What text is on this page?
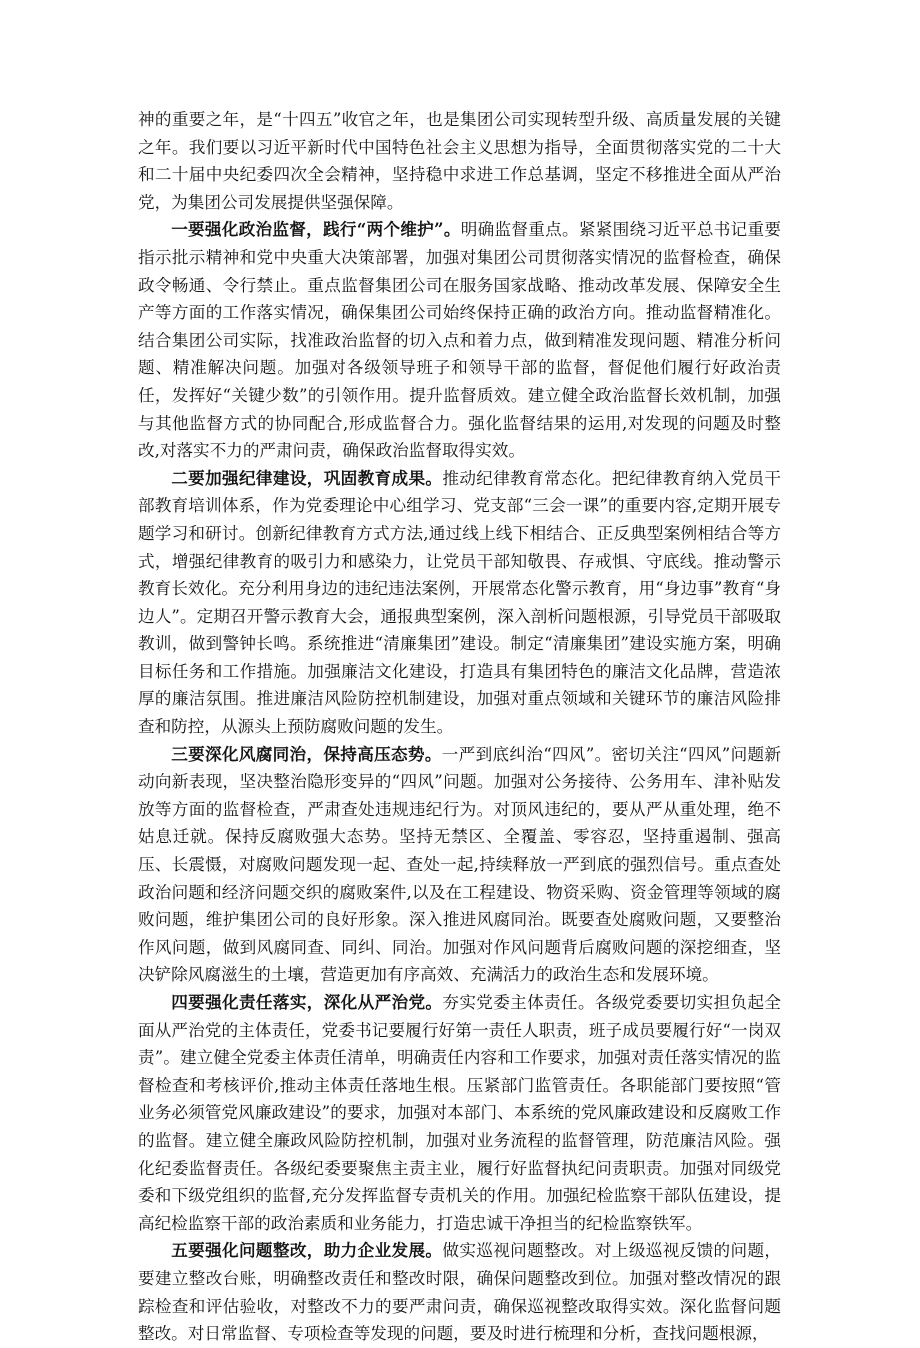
神的重要之年，是“十四五”收官之年，也是集团公司实现转型升级、高质量发展的关键之年。我们要以习近平新时代中国特色社会主义思想为指导，全面贯彻落实党的二十大和二十届中央纪委四次全会精神，坚持稳中求进工作总基调，坚定不移推进全面从严治党，为集团公司发展提供坚强保障。

一要强化政治监督，践行“两个维护”。明确监督重点。紧紧围绕习近平总书记重要指示批示精神和党中央重大决策部署，加强对集团公司贯彻落实情况的监督检查，确保政令畅通、令行禁止。重点监督集团公司在服务国家战略、推动改革发展、保障安全生产等方面的工作落实情况，确保集团公司始终保持正确的政治方向。推动监督精准化。结合集团公司实际，找准政治监督的切入点和着力点，做到精准发现问题、精准分析问题、精准解决问题。加强对各级领导班子和领导干部的监督，督促他们履行好政治责任，发挥好“关键少数”的引领作用。提升监督质效。建立健全政治监督长效机制，加强与其他监督方式的协同配合,形成监督合力。强化监督结果的运用,对发现的问题及时整改,对落实不力的严肃问责，确保政治监督取得实效。

二要加强纪律建设，巩固教育成果。推动纪律教育常态化。把纪律教育纳入党员干部教育培训体系，作为党委理论中心组学习、党支部“三会一课”的重要内容,定期开展专题学习和研讨。创新纪律教育方式方法,通过线上线下相结合、正反典型案例相结合等方式，增强纪律教育的吸引力和感染力，让党员干部知敬畏、存戒惧、守底线。推动警示教育长效化。充分利用身边的违纪违法案例，开展常态化警示教育，用“身边事”教育“身边人”。定期召开警示教育大会，通报典型案例，深入剖析问题根源，引导党员干部吸取教训，做到警钟长鸣。系统推进“清廉集团”建设。制定“清廉集团”建设实施方案，明确目标任务和工作措施。加强廉洁文化建设，打造具有集团特色的廉洁文化品牌，营造浓厚的廉洁氛围。推进廉洁风险防控机制建设，加强对重点领域和关键环节的廉洁风险排查和防控，从源头上预防腐败问题的发生。

三要深化风腐同治，保持高压态势。一严到底纠治“四风”。密切关注“四风”问题新动向新表现，坚决整治隐形变异的“四风”问题。加强对公务接待、公务用车、津补贴发放等方面的监督检查，严肃查处违规违纪行为。对顶风违纪的，要从严从重处理，绝不姑息迁就。保持反腐败强大态势。坚持无禁区、全覆盖、零容忍，坚持重遏制、强高压、长震慑，对腐败问题发现一起、查处一起,持续释放一严到底的强烈信号。重点查处政治问题和经济问题交织的腐败案件,以及在工程建设、物资采购、资金管理等领域的腐败问题，维护集团公司的良好形象。深入推进风腐同治。既要查处腐败问题，又要整治作风问题，做到风腐同查、同纠、同治。加强对作风问题背后腐败问题的深挖细查，坚决铲除风腐滋生的土壤，营造更加有序高效、充满活力的政治生态和发展环境。

四要强化责任落实，深化从严治党。夯实党委主体责任。各级党委要切实担负起全面从严治党的主体责任，党委书记要履行好第一责任人职责，班子成员要履行好“一岗双责”。建立健全党委主体责任清单，明确责任内容和工作要求，加强对责任落实情况的监督检查和考核评价,推动主体责任落地生根。压紧部门监管责任。各职能部门要按照“管业务必须管党风廉政建设”的要求，加强对本部门、本系统的党风廉政建设和反腐败工作的监督。建立健全廉政风险防控机制，加强对业务流程的监督管理，防范廉洁风险。强化纪委监督责任。各级纪委要聚焦主责主业，履行好监督执纪问责职责。加强对同级党委和下级党组织的监督,充分发挥监督专责机关的作用。加强纪检监察干部队伍建设，提高纪检监察干部的政治素质和业务能力，打造忠诚干净担当的纪检监察铁军。

五要强化问题整改，助力企业发展。做实巡视问题整改。对上级巡视反馈的问题，要建立整改台账，明确整改责任和整改时限，确保问题整改到位。加强对整改情况的跟踪检查和评估验收，对整改不力的要严肃问责，确保巡视整改取得实效。深化监督问题整改。对日常监督、专项检查等发现的问题，要及时进行梳理和分析，查找问题根源，
